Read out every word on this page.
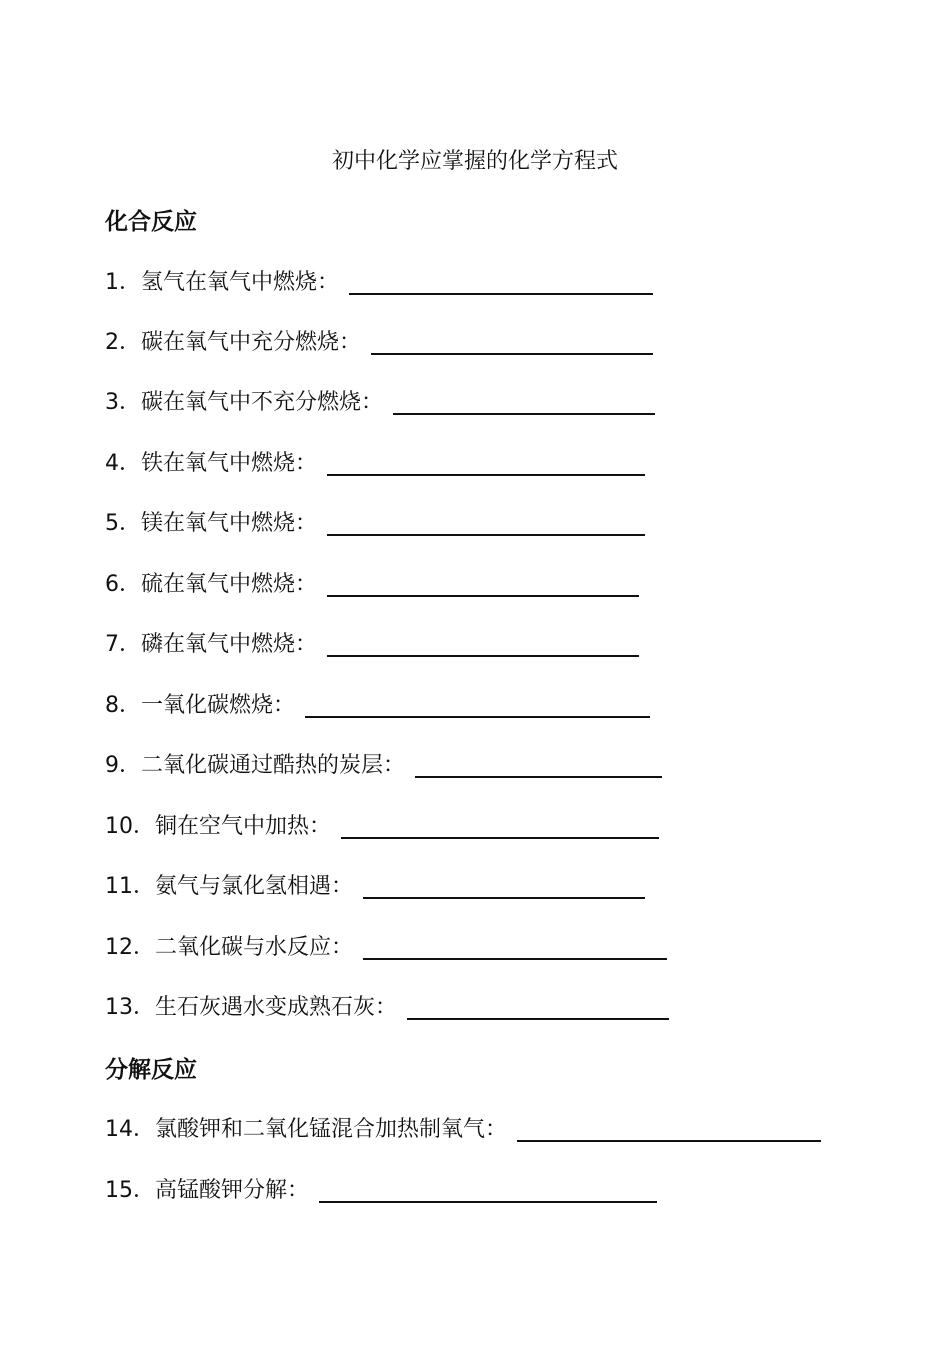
初中化学应掌握的化学方程式
化合反应
1． 氢气在氧气中燃烧：
2． 碳在氧气中充分燃烧：
3． 碳在氧气中不充分燃烧：
4． 铁在氧气中燃烧：
5． 镁在氧气中燃烧：
6． 硫在氧气中燃烧：
7． 磷在氧气中燃烧：
8． 一氧化碳燃烧：
9． 二氧化碳通过酷热的炭层：
10． 铜在空气中加热：
11． 氨气与氯化氢相遇：
12． 二氧化碳与水反应：
13． 生石灰遇水变成熟石灰：
分解反应
14． 氯酸钾和二氧化锰混合加热制氧气：
15． 高锰酸钾分解：
